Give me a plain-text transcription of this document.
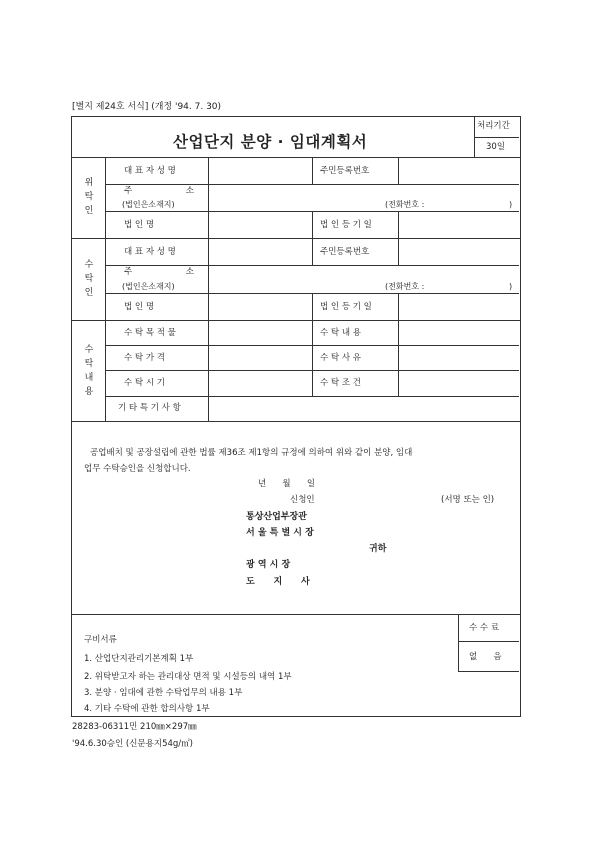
[별지 제24호 서식] (개정 '94. 7. 30)
산업단지 분양 · 임대계획서
처리기간
30일
위탁인
대 표 자 성 명	주민등록번호
주	소
(법인은소재지)	(전화번호 :	)
법 인 명	법 인 등 기 일
수탁인
대 표 자 성 명	주민등록번호
주	소
(법인은소재지)	(전화번호 :	)
법 인 명	법 인 등 기 일
수탁내용
수 탁 목 적 물	수 탁 내 용
수 탁 가 격	수 탁 사 유
수 탁 시 기	수 탁 조 건
기 타 특 기 사 항
공업배치 및 공장설립에 관한 법률 제36조 제1항의 규정에 의하여 위와 같이 분양, 임대
업무 수탁승인을 신청합니다.
년      월      일
신청인	(서명 또는 인)
통상산업부장관
서 울 특 별 시 장
귀하
광 역 시 장
도      지      사
수 수 료
없      음
구비서류
1. 산업단지관리기본계획 1부
2. 위탁받고자 하는 관리대상 면적 및 시설등의 내역 1부
3. 분양 · 임대에 관한 수탁업무의 내용 1부
4. 기타 수탁에 관한 합의사항 1부
28283-06311민 210㎜×297㎜
'94.6.30승인 (신문용지54g/㎡)
